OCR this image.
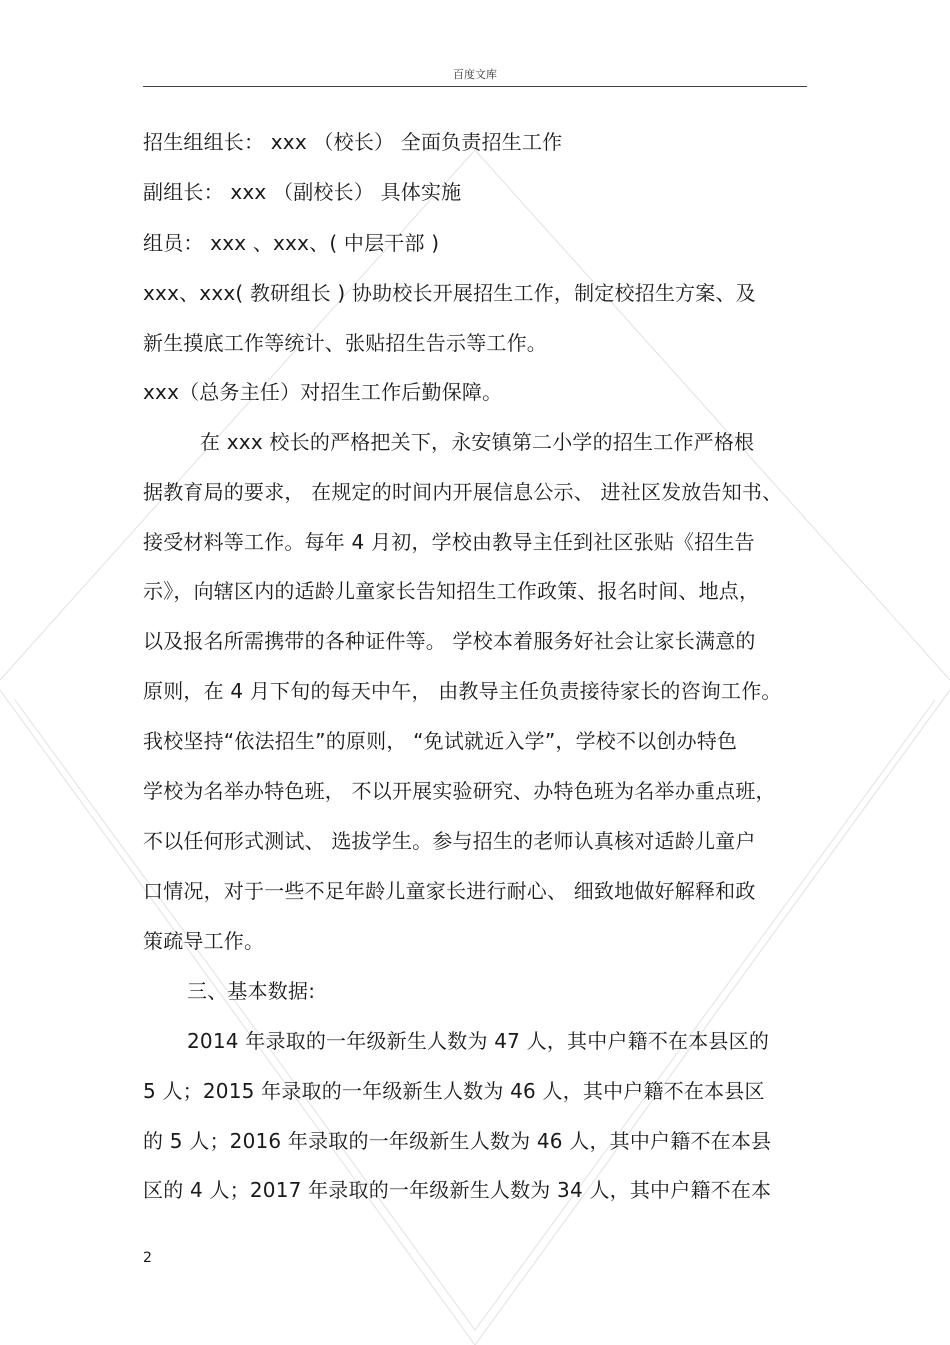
百度文库
招生组组长： xxx （校长） 全面负责招生工作
副组长： xxx （副校长） 具体实施
组员： xxx 、xxx、( 中层干部 )
xxx、xxx( 教研组长 ) 协助校长开展招生工作，制定校招生方案、及
新生摸底工作等统计、张贴招生告示等工作。
xxx（总务主任）对招生工作后勤保障。
在 xxx 校长的严格把关下，永安镇第二小学的招生工作严格根
据教育局的要求， 在规定的时间内开展信息公示、 进社区发放告知书、
接受材料等工作。每年 4 月初，学校由教导主任到社区张贴《招生告
示》，向辖区内的适龄儿童家长告知招生工作政策、报名时间、地点，
以及报名所需携带的各种证件等。 学校本着服务好社会让家长满意的
原则，在 4 月下旬的每天中午， 由教导主任负责接待家长的咨询工作。
我校坚持“依法招生”的原则， “免试就近入学”，学校不以创办特色
学校为名举办特色班， 不以开展实验研究、办特色班为名举办重点班，
不以任何形式测试、 选拔学生。参与招生的老师认真核对适龄儿童户
口情况，对于一些不足年龄儿童家长进行耐心、 细致地做好解释和政
策疏导工作。
三、基本数据:
2014 年录取的一年级新生人数为 47 人，其中户籍不在本县区的
5 人；2015 年录取的一年级新生人数为 46 人，其中户籍不在本县区
的 5 人；2016 年录取的一年级新生人数为 46 人，其中户籍不在本县
区的 4 人；2017 年录取的一年级新生人数为 34 人，其中户籍不在本
2
